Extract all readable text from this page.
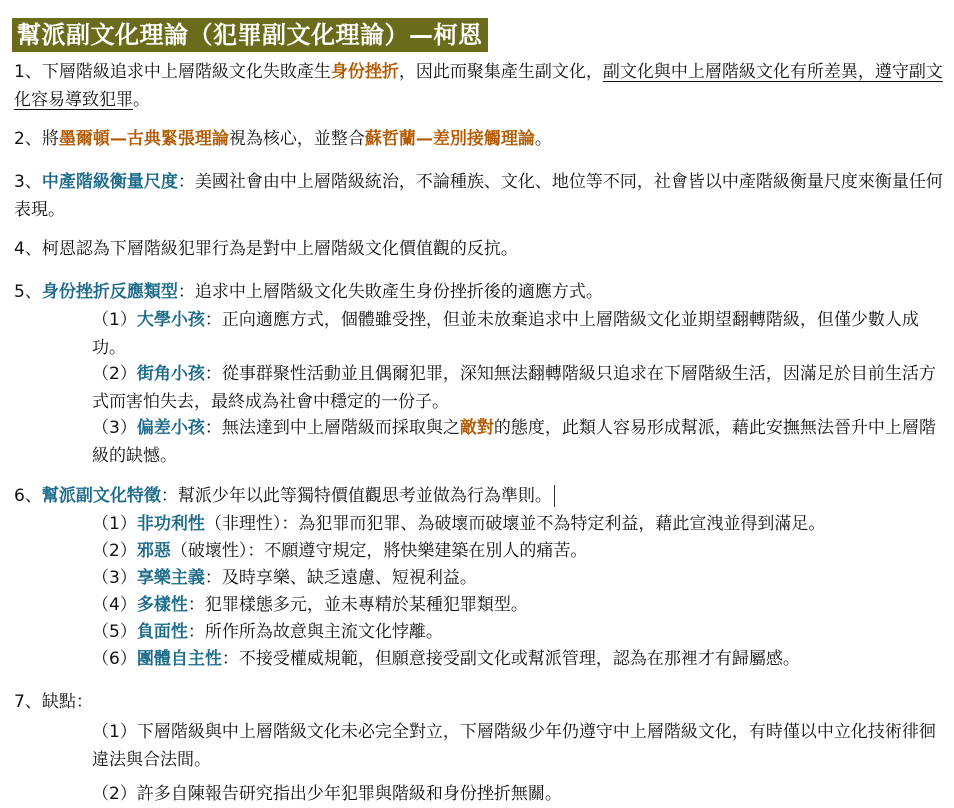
幫派副文化理論（犯罪副文化理論）—柯恩
1、下層階級追求中上層階級文化失敗產生身份挫折，因此而聚集產生副文化，副文化與中上層階級文化有所差異，遵守副文化容易導致犯罪。
2、將墨爾頓—古典緊張理論視為核心，並整合蘇哲蘭—差別接觸理論。
3、中產階級衡量尺度：美國社會由中上層階級統治，不論種族、文化、地位等不同，社會皆以中產階級衡量尺度來衡量任何表現。
4、柯恩認為下層階級犯罪行為是對中上層階級文化價值觀的反抗。
5、身份挫折反應類型：追求中上層階級文化失敗產生身份挫折後的適應方式。
（1）大學小孩：正向適應方式，個體雖受挫，但並未放棄追求中上層階級文化並期望翻轉階級，但僅少數人成功。
（2）街角小孩：從事群聚性活動並且偶爾犯罪，深知無法翻轉階級只追求在下層階級生活，因滿足於目前生活方式而害怕失去，最終成為社會中穩定的一份子。
（3）偏差小孩：無法達到中上層階級而採取與之敵對的態度，此類人容易形成幫派，藉此安撫無法晉升中上層階級的缺憾。
6、幫派副文化特徵：幫派少年以此等獨特價值觀思考並做為行為準則。
（1）非功利性（非理性）：為犯罪而犯罪、為破壞而破壞並不為特定利益，藉此宣洩並得到滿足。
（2）邪惡（破壞性）：不願遵守規定，將快樂建築在別人的痛苦。
（3）享樂主義：及時享樂、缺乏遠慮、短視利益。
（4）多樣性：犯罪樣態多元，並未專精於某種犯罪類型。
（5）負面性：所作所為故意與主流文化悖離。
（6）團體自主性：不接受權威規範，但願意接受副文化或幫派管理，認為在那裡才有歸屬感。
7、缺點：
（1）下層階級與中上層階級文化未必完全對立，下層階級少年仍遵守中上層階級文化，有時僅以中立化技術徘徊違法與合法間。
（2）許多自陳報告研究指出少年犯罪與階級和身份挫折無關。
